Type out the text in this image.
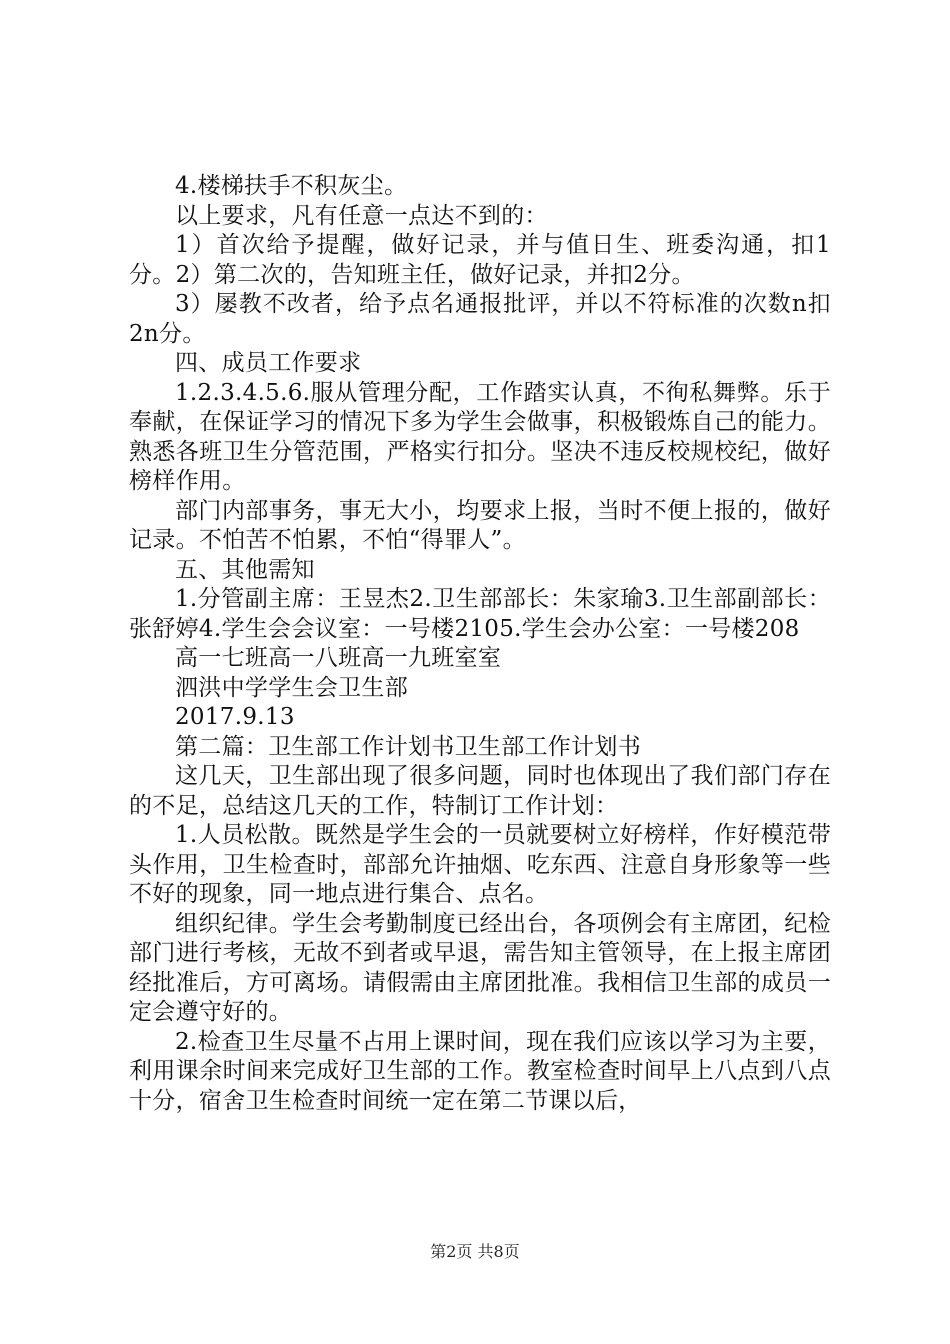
4.楼梯扶手不积灰尘。

以上要求，凡有任意一点达不到的：

1）首次给予提醒，做好记录，并与值日生、班委沟通，扣1分。2）第二次的，告知班主任，做好记录，并扣2分。

3）屡教不改者，给予点名通报批评，并以不符标准的次数n扣2n分。

四、成员工作要求

1.2.3.4.5.6.服从管理分配，工作踏实认真，不徇私舞弊。乐于奉献，在保证学习的情况下多为学生会做事，积极锻炼自己的能力。熟悉各班卫生分管范围，严格实行扣分。坚决不违反校规校纪，做好榜样作用。

部门内部事务，事无大小，均要求上报，当时不便上报的，做好记录。不怕苦不怕累，不怕“得罪人”。

五、其他需知

1.分管副主席：王昱杰2.卫生部部长：朱家瑜3.卫生部副部长：张舒婷4.学生会会议室：一号楼2105.学生会办公室：一号楼208

高一七班高一八班高一九班室室

泗洪中学学生会卫生部

2017.9.13

第二篇：卫生部工作计划书卫生部工作计划书

这几天，卫生部出现了很多问题，同时也体现出了我们部门存在的不足，总结这几天的工作，特制订工作计划：

1.人员松散。既然是学生会的一员就要树立好榜样，作好模范带头作用，卫生检查时，部部允许抽烟、吃东西、注意自身形象等一些不好的现象，同一地点进行集合、点名。

组织纪律。学生会考勤制度已经出台，各项例会有主席团，纪检部门进行考核，无故不到者或早退，需告知主管领导，在上报主席团经批准后，方可离场。请假需由主席团批准。我相信卫生部的成员一定会遵守好的。

2.检查卫生尽量不占用上课时间，现在我们应该以学习为主要，利用课余时间来完成好卫生部的工作。教室检查时间早上八点到八点十分，宿舍卫生检查时间统一定在第二节课以后，

第2页 共8页
